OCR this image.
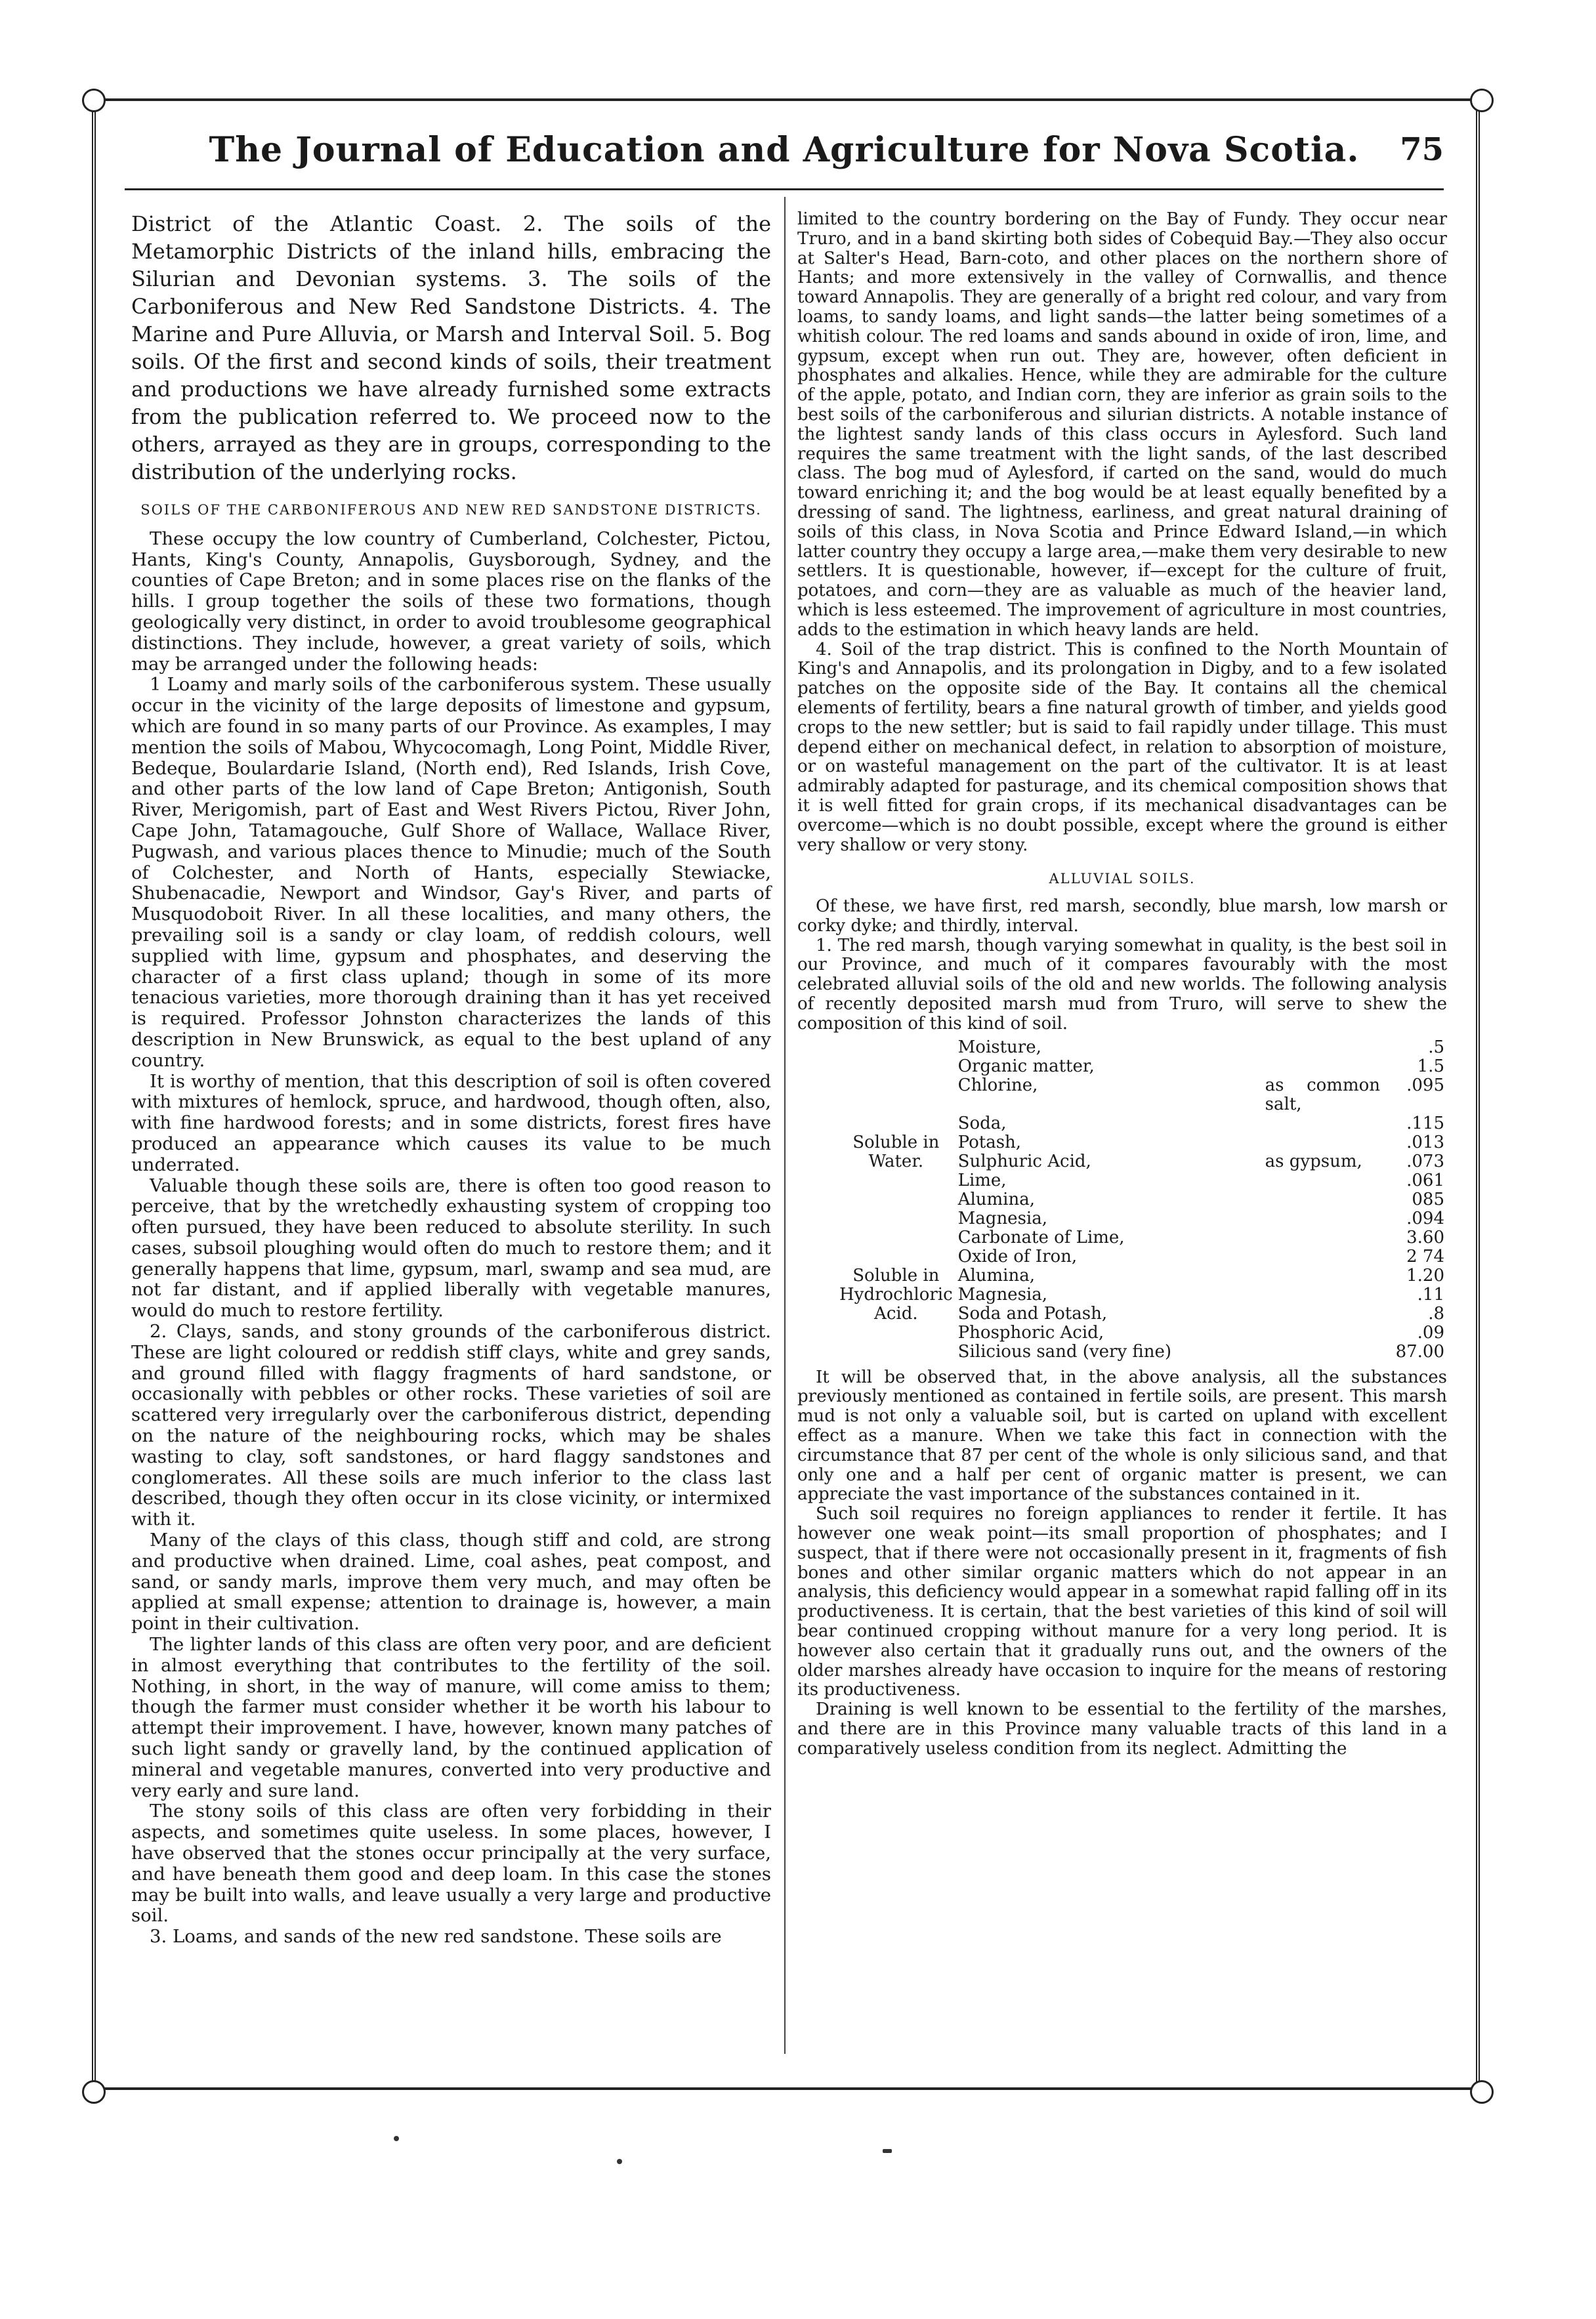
The Journal of Education and Agriculture for Nova Scotia.	75

District of the Atlantic Coast. 2. The soils of the Metamorphic Districts of the inland hills, embracing the Silurian and Devonian systems. 3. The soils of the Carboniferous and New Red Sandstone Districts. 4. The Marine and Pure Alluvia, or Marsh and Interval Soil. 5. Bog soils. Of the first and second kinds of soils, their treatment and productions we have already furnished some extracts from the publication referred to. We proceed now to the others, arrayed as they are in groups, corresponding to the distribution of the underlying rocks.

SOILS OF THE CARBONIFEROUS AND NEW RED SANDSTONE DISTRICTS.

These occupy the low country of Cumberland, Colchester, Pictou, Hants, King's County, Annapolis, Guysborough, Sydney, and the counties of Cape Breton; and in some places rise on the flanks of the hills. I group together the soils of these two formations, though geologically very distinct, in order to avoid troublesome geographical distinctions. They include, however, a great variety of soils, which may be arranged under the following heads:

1 Loamy and marly soils of the carboniferous system. These usually occur in the vicinity of the large deposits of limestone and gypsum, which are found in so many parts of our Province. As examples, I may mention the soils of Mabou, Whycocomagh, Long Point, Middle River, Bedeque, Boulardarie Island, (North end), Red Islands, Irish Cove, and other parts of the low land of Cape Breton; Antigonish, South River, Merigomish, part of East and West Rivers Pictou, River John, Cape John, Tatamagouche, Gulf Shore of Wallace, Wallace River, Pugwash, and various places thence to Minudie; much of the South of Colchester, and North of Hants, especially Stewiacke, Shubenacadie, Newport and Windsor, Gay's River, and parts of Musquodoboit River. In all these localities, and many others, the prevailing soil is a sandy or clay loam, of reddish colours, well supplied with lime, gypsum and phosphates, and deserving the character of a first class upland; though in some of its more tenacious varieties, more thorough draining than it has yet received is required. Professor Johnston characterizes the lands of this description in New Brunswick, as equal to the best upland of any country.

It is worthy of mention, that this description of soil is often covered with mixtures of hemlock, spruce, and hardwood, though often, also, with fine hardwood forests; and in some districts, forest fires have produced an appearance which causes its value to be much underrated.

Valuable though these soils are, there is often too good reason to perceive, that by the wretchedly exhausting system of cropping too often pursued, they have been reduced to absolute sterility. In such cases, subsoil ploughing would often do much to restore them; and it generally happens that lime, gypsum, marl, swamp and sea mud, are not far distant, and if applied liberally with vegetable manures, would do much to restore fertility.

2. Clays, sands, and stony grounds of the carboniferous district. These are light coloured or reddish stiff clays, white and grey sands, and ground filled with flaggy fragments of hard sandstone, or occasionally with pebbles or other rocks. These varieties of soil are scattered very irregularly over the carboniferous district, depending on the nature of the neighbouring rocks, which may be shales wasting to clay, soft sandstones, or hard flaggy sandstones and conglomerates. All these soils are much inferior to the class last described, though they often occur in its close vicinity, or intermixed with it.

Many of the clays of this class, though stiff and cold, are strong and productive when drained. Lime, coal ashes, peat compost, and sand, or sandy marls, improve them very much, and may often be applied at small expense; attention to drainage is, however, a main point in their cultivation.

The lighter lands of this class are often very poor, and are deficient in almost everything that contributes to the fertility of the soil. Nothing, in short, in the way of manure, will come amiss to them; though the farmer must consider whether it be worth his labour to attempt their improvement. I have, however, known many patches of such light sandy or gravelly land, by the continued application of mineral and vegetable manures, converted into very productive and very early and sure land.

The stony soils of this class are often very forbidding in their aspects, and sometimes quite useless. In some places, however, I have observed that the stones occur principally at the very surface, and have beneath them good and deep loam. In this case the stones may be built into walls, and leave usually a very large and productive soil.

3. Loams, and sands of the new red sandstone. These soils are

limited to the country bordering on the Bay of Fundy. They occur near Truro, and in a band skirting both sides of Cobequid Bay.—They also occur at Salter's Head, Barn-coto, and other places on the northern shore of Hants; and more extensively in the valley of Cornwallis, and thence toward Annapolis. They are generally of a bright red colour, and vary from loams, to sandy loams, and light sands—the latter being sometimes of a whitish colour. The red loams and sands abound in oxide of iron, lime, and gypsum, except when run out. They are, however, often deficient in phosphates and alkalies. Hence, while they are admirable for the culture of the apple, potato, and Indian corn, they are inferior as grain soils to the best soils of the carboniferous and silurian districts. A notable instance of the lightest sandy lands of this class occurs in Aylesford. Such land requires the same treatment with the light sands, of the last described class. The bog mud of Aylesford, if carted on the sand, would do much toward enriching it; and the bog would be at least equally benefited by a dressing of sand. The lightness, earliness, and great natural draining of soils of this class, in Nova Scotia and Prince Edward Island,—in which latter country they occupy a large area,—make them very desirable to new settlers. It is questionable, however, if—except for the culture of fruit, potatoes, and corn—they are as valuable as much of the heavier land, which is less esteemed. The improvement of agriculture in most countries, adds to the estimation in which heavy lands are held.

4. Soil of the trap district. This is confined to the North Mountain of King's and Annapolis, and its prolongation in Digby, and to a few isolated patches on the opposite side of the Bay. It contains all the chemical elements of fertility, bears a fine natural growth of timber, and yields good crops to the new settler; but is said to fail rapidly under tillage. This must depend either on mechanical defect, in relation to absorption of moisture, or on wasteful management on the part of the cultivator. It is at least admirably adapted for pasturage, and its chemical composition shows that it is well fitted for grain crops, if its mechanical disadvantages can be overcome—which is no doubt possible, except where the ground is either very shallow or very stony.

ALLUVIAL SOILS.

Of these, we have first, red marsh, secondly, blue marsh, low marsh or corky dyke; and thirdly, interval.

1. The red marsh, though varying somewhat in quality, is the best soil in our Province, and much of it compares favourably with the most celebrated alluvial soils of the old and new worlds. The following analysis of recently deposited marsh mud from Truro, will serve to shew the composition of this kind of soil.

	Moisture,		.5
	Organic matter,		1.5
Soluble in Water.	Chlorine,	as common salt,	.095
	Soda,		.115
	Potash,		.013
	Sulphuric Acid,	as gypsum,	.073
	Lime,		.061
	Alumina,		085
	Magnesia,		.094
Soluble in Hydrochloric Acid.	Carbonate of Lime,		3.60
	Oxide of Iron,		2 74
	Alumina,		1.20
	Magnesia,		.11
	Soda and Potash,		.8
	Phosphoric Acid,		.09
	Silicious sand (very fine)		87.00

It will be observed that, in the above analysis, all the substances previously mentioned as contained in fertile soils, are present. This marsh mud is not only a valuable soil, but is carted on upland with excellent effect as a manure. When we take this fact in connection with the circumstance that 87 per cent of the whole is only silicious sand, and that only one and a half per cent of organic matter is present, we can appreciate the vast importance of the substances contained in it.

Such soil requires no foreign appliances to render it fertile. It has however one weak point—its small proportion of phosphates; and I suspect, that if there were not occasionally present in it, fragments of fish bones and other similar organic matters which do not appear in an analysis, this deficiency would appear in a somewhat rapid falling off in its productiveness. It is certain, that the best varieties of this kind of soil will bear continued cropping without manure for a very long period. It is however also certain that it gradually runs out, and the owners of the older marshes already have occasion to inquire for the means of restoring its productiveness.

Draining is well known to be essential to the fertility of the marshes, and there are in this Province many valuable tracts of this land in a comparatively useless condition from its neglect. Admitting the
